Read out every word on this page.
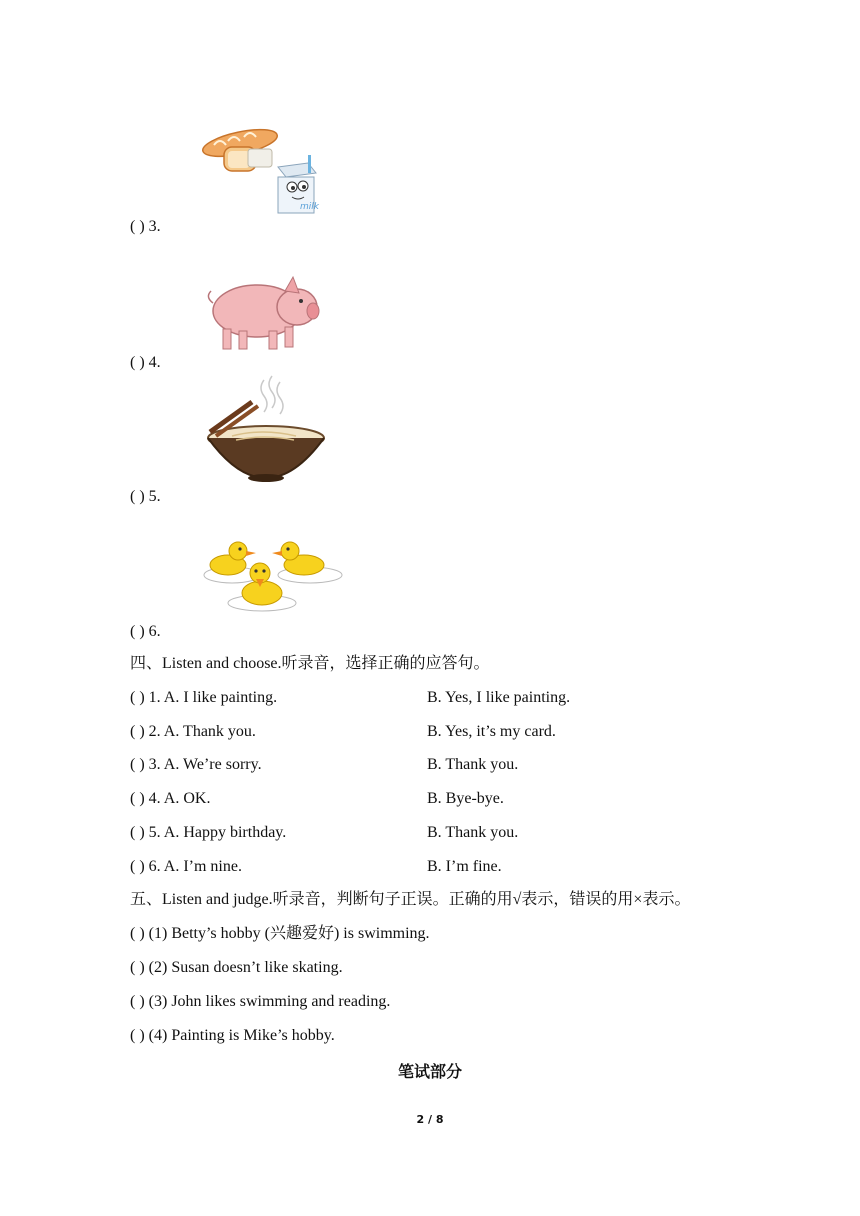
milk
( ) 3.
( ) 4.
( ) 5.
( ) 6.
四、Listen and choose.听录音，选择正确的应答句。
( ) 1. A. I like painting.	B. Yes, I like painting.
( ) 2. A. Thank you.	B. Yes, it’s my card.
( ) 3. A. We’re sorry.	B. Thank you.
( ) 4. A. OK.	B. Bye-bye.
( ) 5. A. Happy birthday.	B. Thank you.
( ) 6. A. I’m nine.	B. I’m fine.
五、Listen and judge.听录音，判断句子正误。正确的用√表示，错误的用×表示。
( ) (1) Betty’s hobby (兴趣爱好) is swimming.
( ) (2) Susan doesn’t like skating.
( ) (3) John likes swimming and reading.
( ) (4) Painting is Mike’s hobby.
笔试部分
2 / 8
